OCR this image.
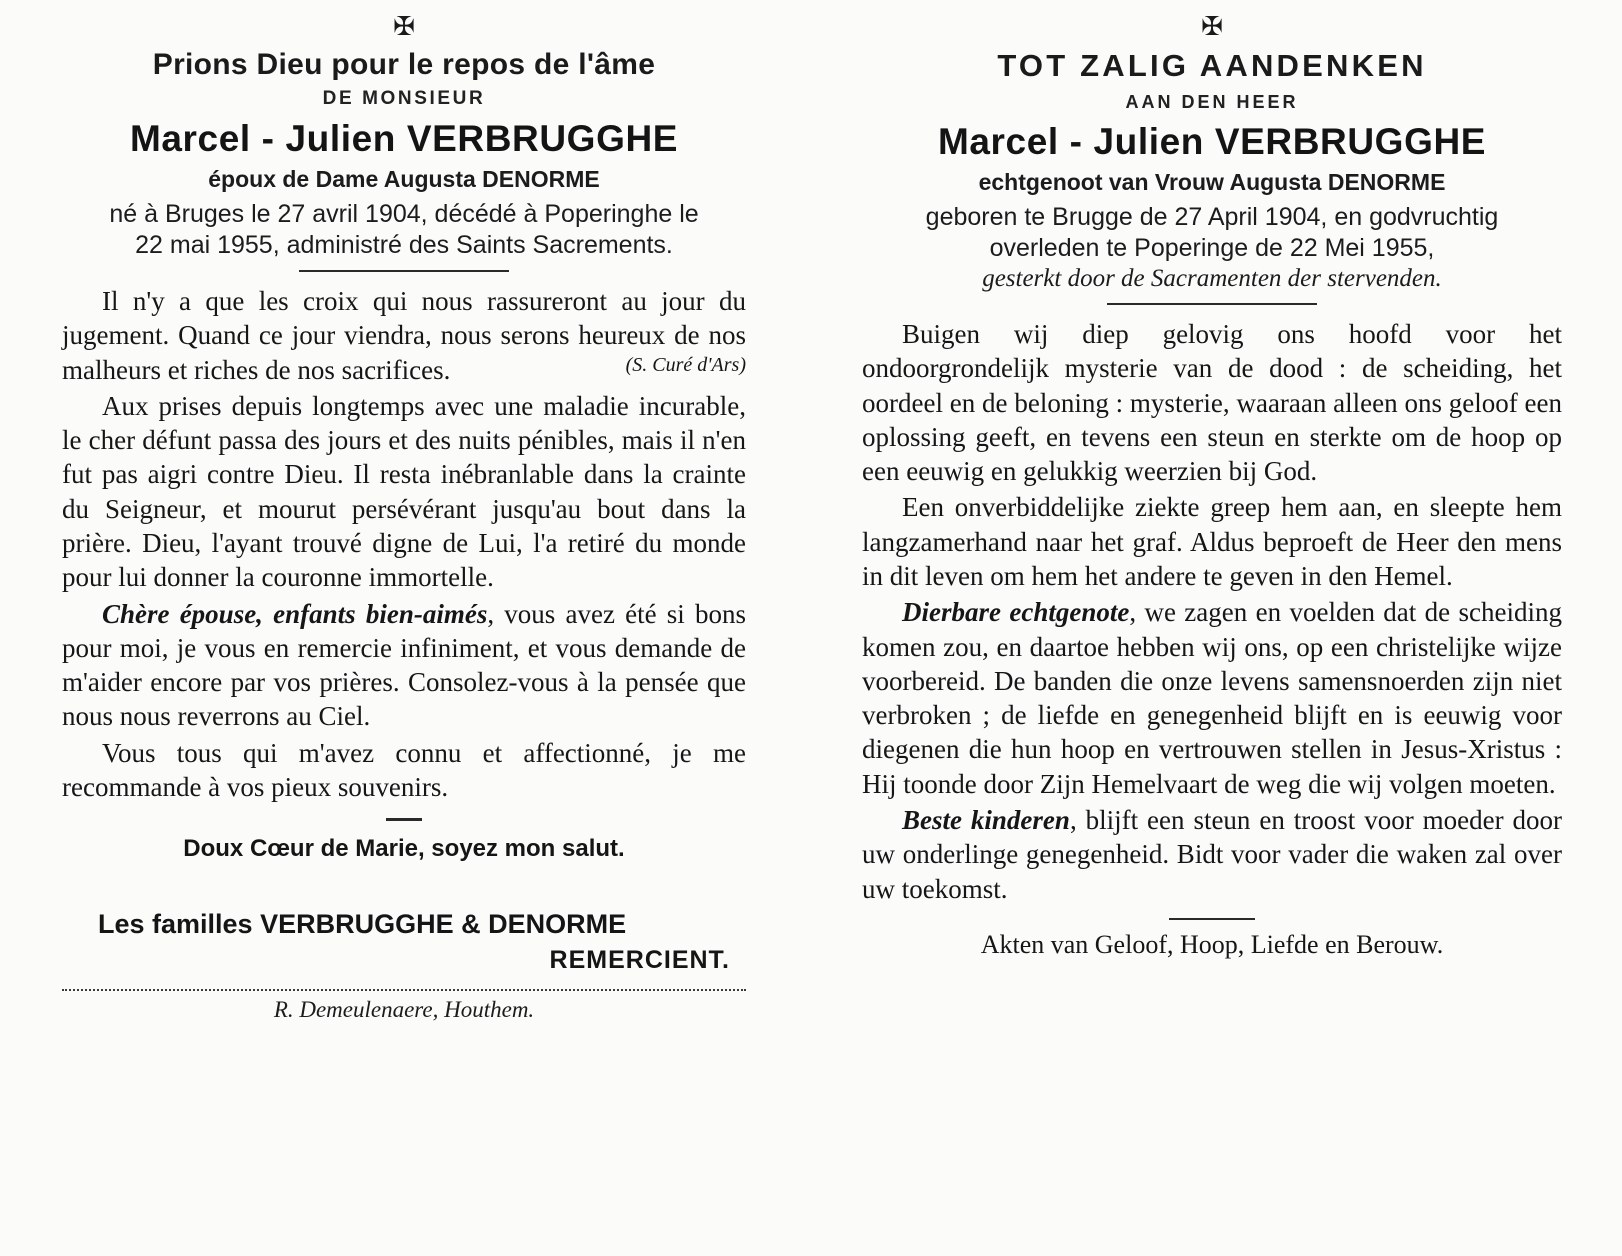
✠
Prions Dieu pour le repos de l'âme
DE MONSIEUR
Marcel - Julien VERBRUGGHE
époux de Dame Augusta DENORME
né à Bruges le 27 avril 1904, décédé à Poperinghe le
22 mai 1955, administré des Saints Sacrements.

Il n'y a que les croix qui nous rassureront au jour du jugement. Quand ce jour viendra, nous serons heureux de nos malheurs et riches de nos sacrifices.	(S. Curé d'Ars)

Aux prises depuis longtemps avec une maladie incurable, le cher défunt passa des jours et des nuits pénibles, mais il n'en fut pas aigri contre Dieu. Il resta inébranlable dans la crainte du Seigneur, et mourut persévérant jusqu'au bout dans la prière. Dieu, l'ayant trouvé digne de Lui, l'a retiré du monde pour lui donner la couronne immortelle.

Chère épouse, enfants bien-aimés, vous avez été si bons pour moi, je vous en remercie infiniment, et vous demande de m'aider encore par vos prières. Consolez-vous à la pensée que nous nous reverrons au Ciel.

Vous tous qui m'avez connu et affectionné, je me recommande à vos pieux souvenirs.

Doux Cœur de Marie, soyez mon salut.
Les familles VERBRUGGHE & DENORME
REMERCIENT.
R. Demeulenaere, Houthem.
✠
TOT ZALIG AANDENKEN
AAN DEN HEER
Marcel - Julien VERBRUGGHE
echtgenoot van Vrouw Augusta DENORME
geboren te Brugge de 27 April 1904, en godvruchtig
overleden te Poperinge de 22 Mei 1955,
gesterkt door de Sacramenten der stervenden.

Buigen wij diep gelovig ons hoofd voor het ondoorgrondelijk mysterie van de dood : de scheiding, het oordeel en de beloning : mysterie, waaraan alleen ons geloof een oplossing geeft, en tevens een steun en sterkte om de hoop op een eeuwig en gelukkig weerzien bij God.

Een onverbiddelijke ziekte greep hem aan, en sleepte hem langzamerhand naar het graf. Aldus beproeft de Heer den mens in dit leven om hem het andere te geven in den Hemel.

Dierbare echtgenote, we zagen en voelden dat de scheiding komen zou, en daartoe hebben wij ons, op een christelijke wijze voorbereid. De banden die onze levens samensnoerden zijn niet verbroken ; de liefde en genegenheid blijft en is eeuwig voor diegenen die hun hoop en vertrouwen stellen in Jesus-Xristus : Hij toonde door Zijn Hemelvaart de weg die wij volgen moeten.

Beste kinderen, blijft een steun en troost voor moeder door uw onderlinge genegenheid. Bidt voor vader die waken zal over uw toekomst.

Akten van Geloof, Hoop, Liefde en Berouw.
